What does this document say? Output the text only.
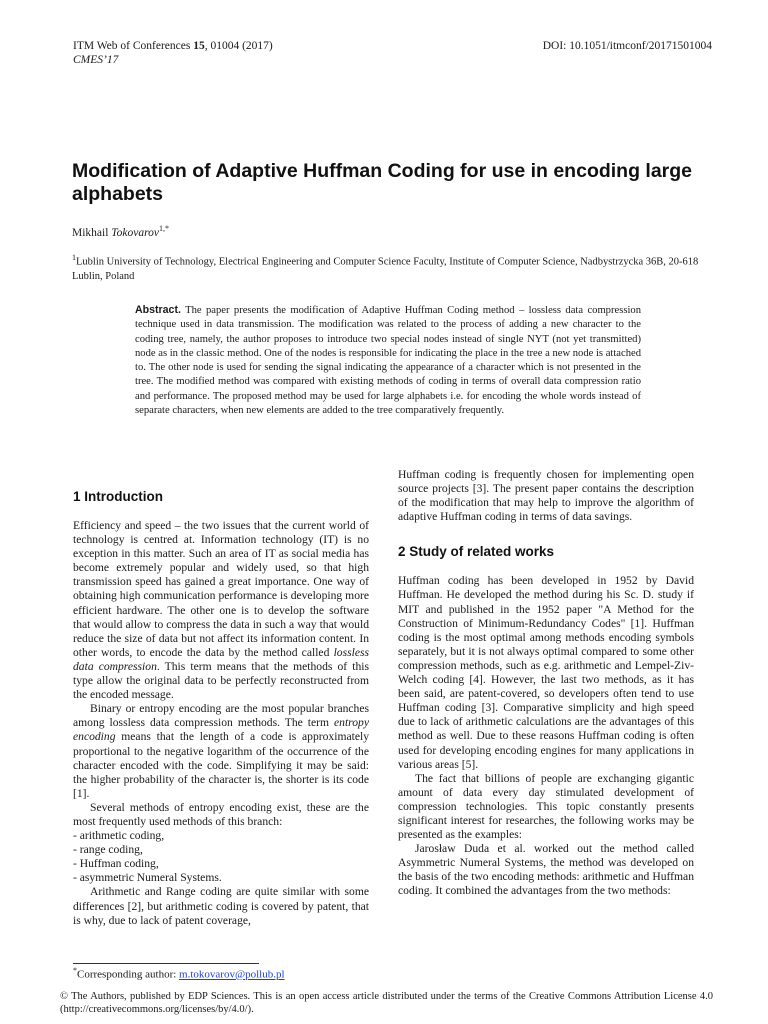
ITM Web of Conferences 15, 01004 (2017)
CMES’17
DOI: 10.1051/itmconf/20171501004
Modification of Adaptive Huffman Coding for use in encoding large alphabets
Mikhail Tokovarov$^{1,*}$
$^1$Lublin University of Technology, Electrical Engineering and Computer Science Faculty, Institute of Computer Science, Nadbystrzycka 36B, 20-618 Lublin, Poland

Abstract. The paper presents the modification of Adaptive Huffman Coding method – lossless data compression technique used in data transmission. The modification was related to the process of adding a new character to the coding tree, namely, the author proposes to introduce two special nodes instead of single NYT (not yet transmitted) node as in the classic method. One of the nodes is responsible for indicating the place in the tree a new node is attached to. The other node is used for sending the signal indicating the appearance of a character which is not presented in the tree. The modified method was compared with existing methods of coding in terms of overall data compression ratio and performance. The proposed method may be used for large alphabets i.e. for encoding the whole words instead of separate characters, when new elements are added to the tree comparatively frequently.

1 Introduction

Efficiency and speed – the two issues that the current world of technology is centred at. Information technology (IT) is no exception in this matter. Such an area of IT as social media has become extremely popular and widely used, so that high transmission speed has gained a great importance. One way of obtaining high communication performance is developing more efficient hardware. The other one is to develop the software that would allow to compress the data in such a way that would reduce the size of data but not affect its information content. In other words, to encode the data by the method called lossless data compression. This term means that the methods of this type allow the original data to be perfectly reconstructed from the encoded message.

Binary or entropy encoding are the most popular branches among lossless data compression methods. The term entropy encoding means that the length of a code is approximately proportional to the negative logarithm of the occurrence of the character encoded with the code. Simplifying it may be said: the higher probability of the character is, the shorter is its code [1].

Several methods of entropy encoding exist, these are the most frequently used methods of this branch:

- arithmetic coding,
- range coding,
- Huffman coding,
- asymmetric Numeral Systems.

Arithmetic and Range coding are quite similar with some differences [2], but arithmetic coding is covered by patent, that is why, due to lack of patent coverage,

Huffman coding is frequently chosen for implementing open source projects [3]. The present paper contains the description of the modification that may help to improve the algorithm of adaptive Huffman coding in terms of data savings.

2 Study of related works

Huffman coding has been developed in 1952 by David Huffman. He developed the method during his Sc. D. study if MIT and published in the 1952 paper "A Method for the Construction of Minimum-Redundancy Codes" [1]. Huffman coding is the most optimal among methods encoding symbols separately, but it is not always optimal compared to some other compression methods, such as e.g. arithmetic and Lempel-Ziv-Welch coding [4]. However, the last two methods, as it has been said, are patent-covered, so developers often tend to use Huffman coding [3]. Comparative simplicity and high speed due to lack of arithmetic calculations are the advantages of this method as well. Due to these reasons Huffman coding is often used for developing encoding engines for many applications in various areas [5].

The fact that billions of people are exchanging gigantic amount of data every day stimulated development of compression technologies. This topic constantly presents significant interest for researches, the following works may be presented as the examples:

Jarosław Duda et al. worked out the method called Asymmetric Numeral Systems, the method was developed on the basis of the two encoding methods: arithmetic and Huffman coding. It combined the advantages from the two methods:

*Corresponding author: m.tokovarov@pollub.pl
© The Authors, published by EDP Sciences. This is an open access article distributed under the terms of the Creative Commons Attribution License 4.0 (http://creativecommons.org/licenses/by/4.0/).
